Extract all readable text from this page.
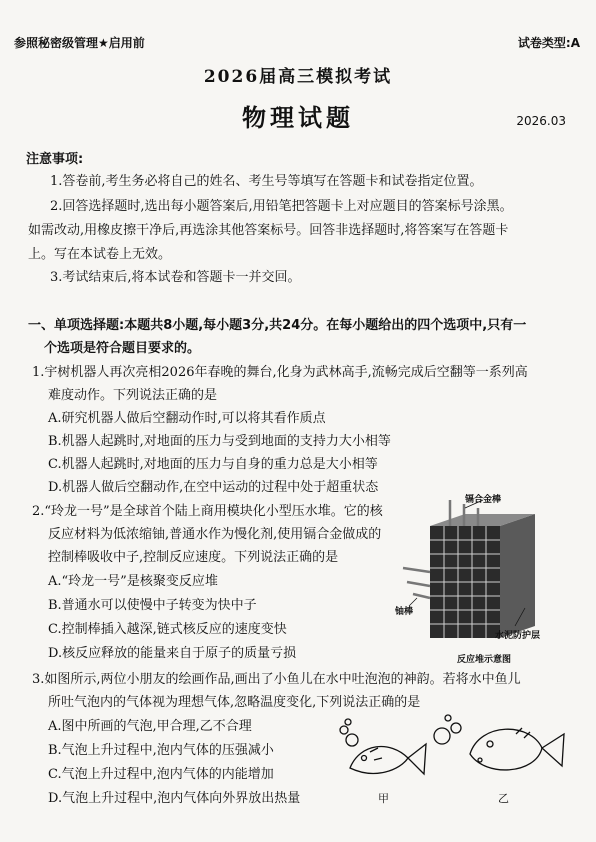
参照秘密级管理★启用前	试卷类型:A
2026届高三模拟考试
物理试题	2026.03
注意事项:
1.答卷前,考生务必将自己的姓名、考生号等填写在答题卡和试卷指定位置。
2.回答选择题时,选出每小题答案后,用铅笔把答题卡上对应题目的答案标号涂黑。
如需改动,用橡皮擦干净后,再选涂其他答案标号。回答非选择题时,将答案写在答题卡
上。写在本试卷上无效。
3.考试结束后,将本试卷和答题卡一并交回。
一、单项选择题:本题共8小题,每小题3分,共24分。在每小题给出的四个选项中,只有一
个选项是符合题目要求的。
1.宇树机器人再次亮相2026年春晚的舞台,化身为武林高手,流畅完成后空翻等一系列高
难度动作。下列说法正确的是
A.研究机器人做后空翻动作时,可以将其看作质点
B.机器人起跳时,对地面的压力与受到地面的支持力大小相等
C.机器人起跳时,对地面的压力与自身的重力总是大小相等
D.机器人做后空翻动作,在空中运动的过程中处于超重状态
2.“玲龙一号”是全球首个陆上商用模块化小型压水堆。它的核
反应材料为低浓缩铀,普通水作为慢化剂,使用镉合金做成的
控制棒吸收中子,控制反应速度。下列说法正确的是
A.“玲龙一号”是核聚变反应堆
B.普通水可以使慢中子转变为快中子
C.控制棒插入越深,链式核反应的速度变快
D.核反应释放的能量来自于原子的质量亏损
镉合金棒
铀棒
水泥防护层
反应堆示意图
3.如图所示,两位小朋友的绘画作品,画出了小鱼儿在水中吐泡泡的神韵。若将水中鱼儿
所吐气泡内的气体视为理想气体,忽略温度变化,下列说法正确的是
A.图中所画的气泡,甲合理,乙不合理
B.气泡上升过程中,泡内气体的压强减小
C.气泡上升过程中,泡内气体的内能增加
D.气泡上升过程中,泡内气体向外界放出热量	甲	乙
